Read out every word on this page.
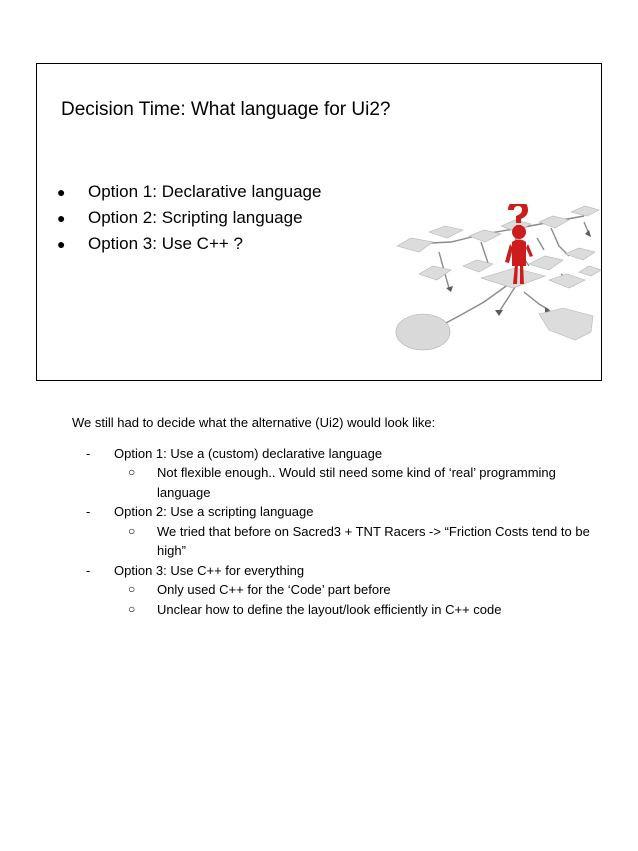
Decision Time: What language for Ui2?
● Option 1: Declarative language
● Option 2: Scripting language
● Option 3: Use C++ ?

We still had to decide what the alternative (Ui2) would look like:

- Option 1: Use a (custom) declarative language
○ Not flexible enough.. Would stil need some kind of ‘real’ programming language
- Option 2: Use a scripting language
○ We tried that before on Sacred3 + TNT Racers -> “Friction Costs tend to be high”
- Option 3: Use C++ for everything
○ Only used C++ for the ‘Code’ part before
○ Unclear how to define the layout/look efficiently in C++ code
